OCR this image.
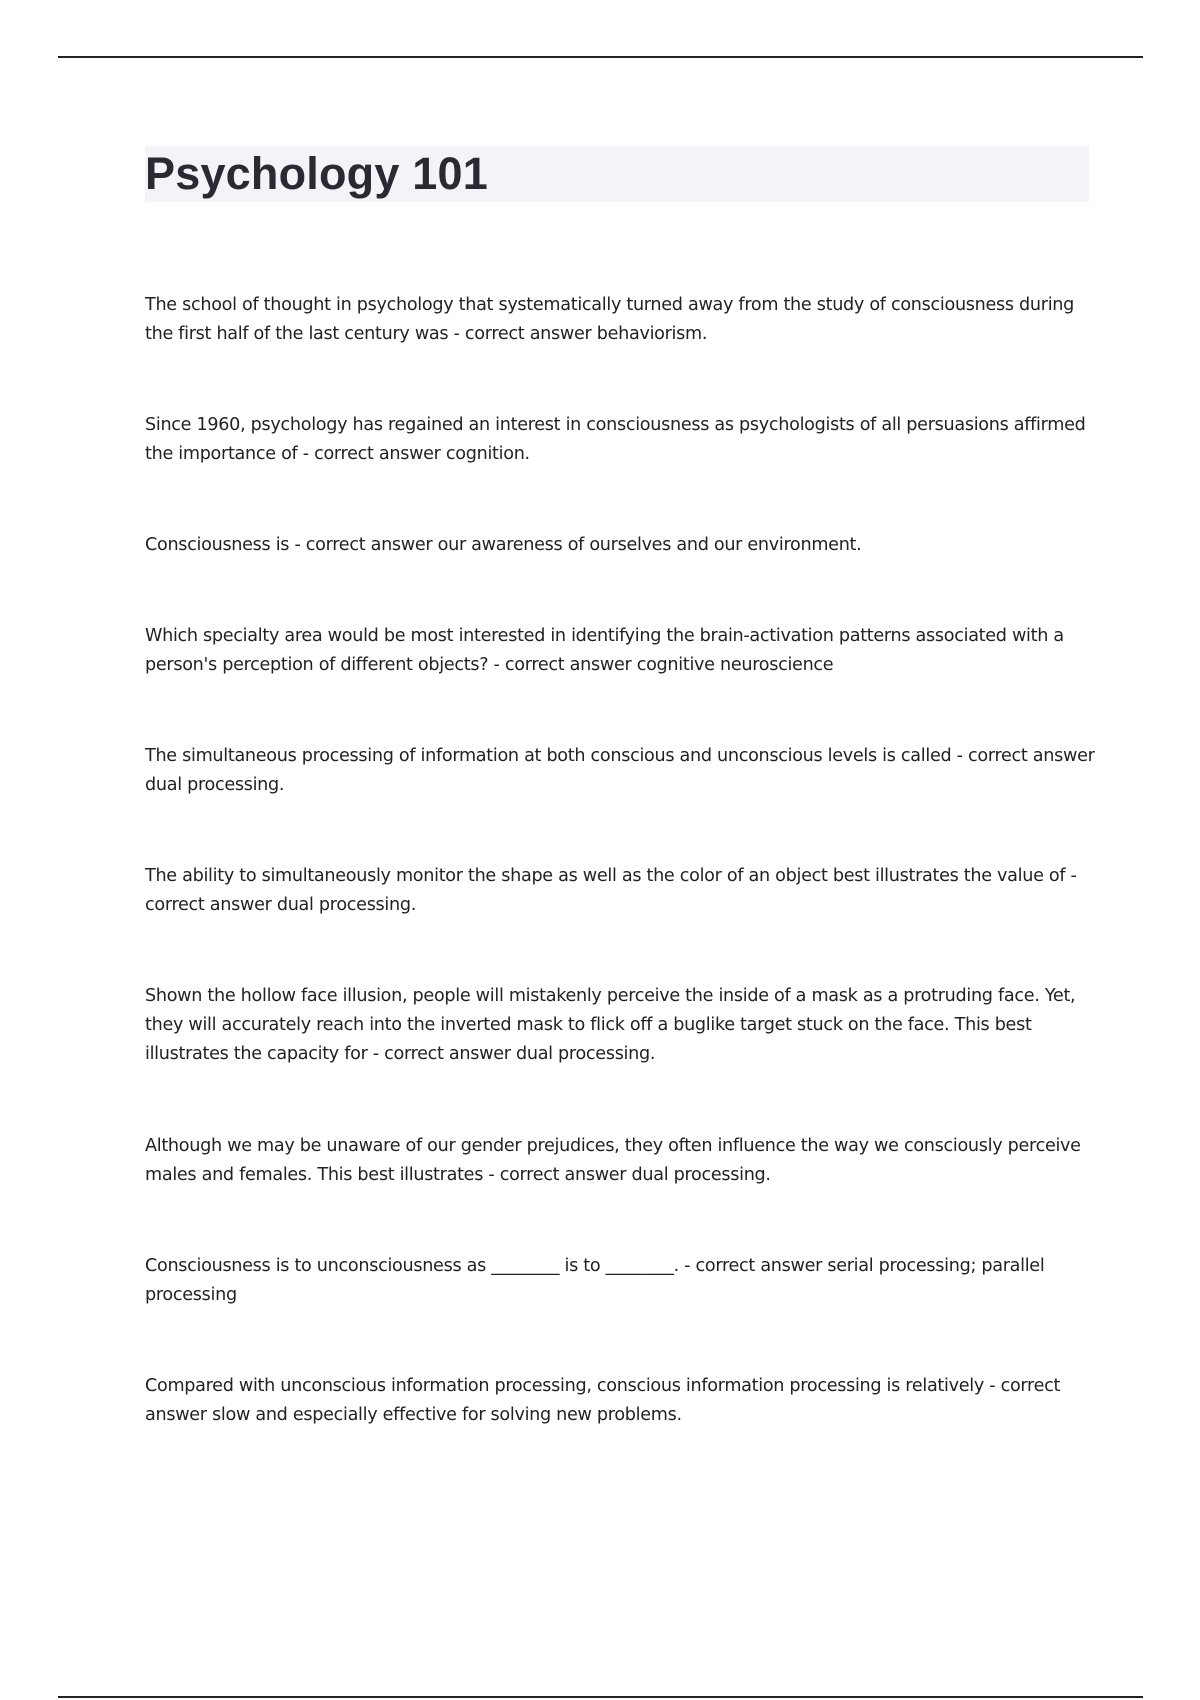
Psychology 101

The school of thought in psychology that systematically turned away from the study of consciousness during the first half of the last century was - correct answer behaviorism.

Since 1960, psychology has regained an interest in consciousness as psychologists of all persuasions affirmed the importance of - correct answer cognition.

Consciousness is - correct answer our awareness of ourselves and our environment.

Which specialty area would be most interested in identifying the brain-activation patterns associated with a person's perception of different objects? - correct answer cognitive neuroscience

The simultaneous processing of information at both conscious and unconscious levels is called - correct answer dual processing.

The ability to simultaneously monitor the shape as well as the color of an object best illustrates the value of - correct answer dual processing.

Shown the hollow face illusion, people will mistakenly perceive the inside of a mask as a protruding face. Yet, they will accurately reach into the inverted mask to flick off a buglike target stuck on the face. This best illustrates the capacity for - correct answer dual processing.

Although we may be unaware of our gender prejudices, they often influence the way we consciously perceive males and females. This best illustrates - correct answer dual processing.

Consciousness is to unconsciousness as ________ is to ________. - correct answer serial processing; parallel processing

Compared with unconscious information processing, conscious information processing is relatively - correct answer slow and especially effective for solving new problems.
